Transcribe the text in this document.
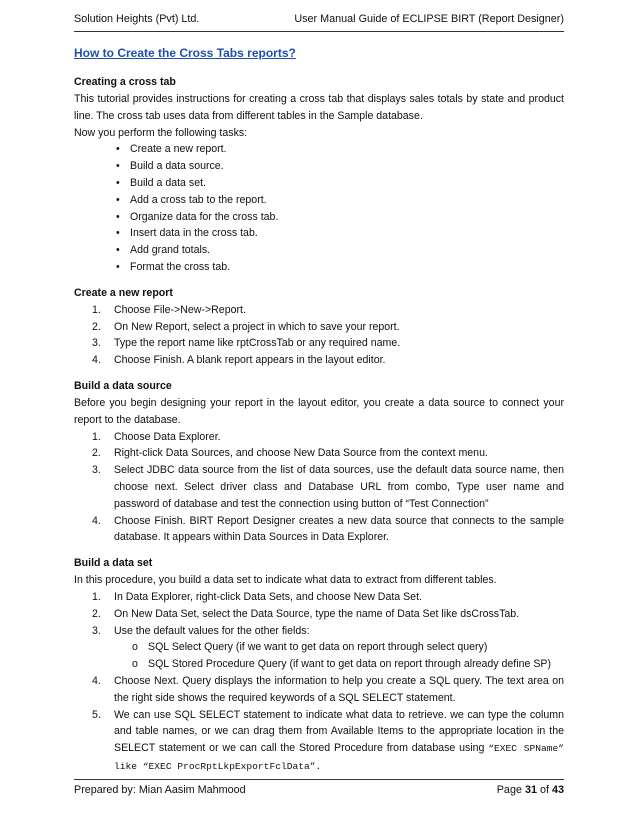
Solution Heights (Pvt) Ltd.	User Manual Guide of ECLIPSE BIRT (Report Designer)
How to Create the Cross Tabs reports?
Creating a cross tab

This tutorial provides instructions for creating a cross tab that displays sales totals by state and product line. The cross tab uses data from different tables in the Sample database.

Now you perform the following tasks:

• Create a new report.
• Build a data source.
• Build a data set.
• Add a cross tab to the report.
• Organize data for the cross tab.
• Insert data in the cross tab.
• Add grand totals.
• Format the cross tab.
Create a new report
1. Choose File->New->Report.
2. On New Report, select a project in which to save your report.
3. Type the report name like rptCrossTab or any required name.
4. Choose Finish. A blank report appears in the layout editor.
Build a data source

Before you begin designing your report in the layout editor, you create a data source to connect your report to the database.

1. Choose Data Explorer.
2. Right-click Data Sources, and choose New Data Source from the context menu.
3. Select JDBC data source from the list of data sources, use the default data source name, then choose next. Select driver class and Database URL from combo, Type user name and password of database and test the connection using button of “Test Connection”
4. Choose Finish. BIRT Report Designer creates a new data source that connects to the sample database. It appears within Data Sources in Data Explorer.
Build a data set

In this procedure, you build a data set to indicate what data to extract from different tables.

1. In Data Explorer, right-click Data Sets, and choose New Data Set.
2. On New Data Set, select the Data Source, type the name of Data Set like dsCrossTab.
3. Use the default values for the other fields:
o SQL Select Query (if we want to get data on report through select query)
o SQL Stored Procedure Query (if want to get data on report through already define SP)
4. Choose Next. Query displays the information to help you create a SQL query. The text area on the right side shows the required keywords of a SQL SELECT statement.
5. We can use SQL SELECT statement to indicate what data to retrieve. we can type the column and table names, or we can drag them from Available Items to the appropriate location in the SELECT statement or we can call the Stored Procedure from database using “EXEC SPName” like “EXEC ProcRptLkpExportFclData”.
Prepared by: Mian Aasim Mahmood	Page 31 of 43
